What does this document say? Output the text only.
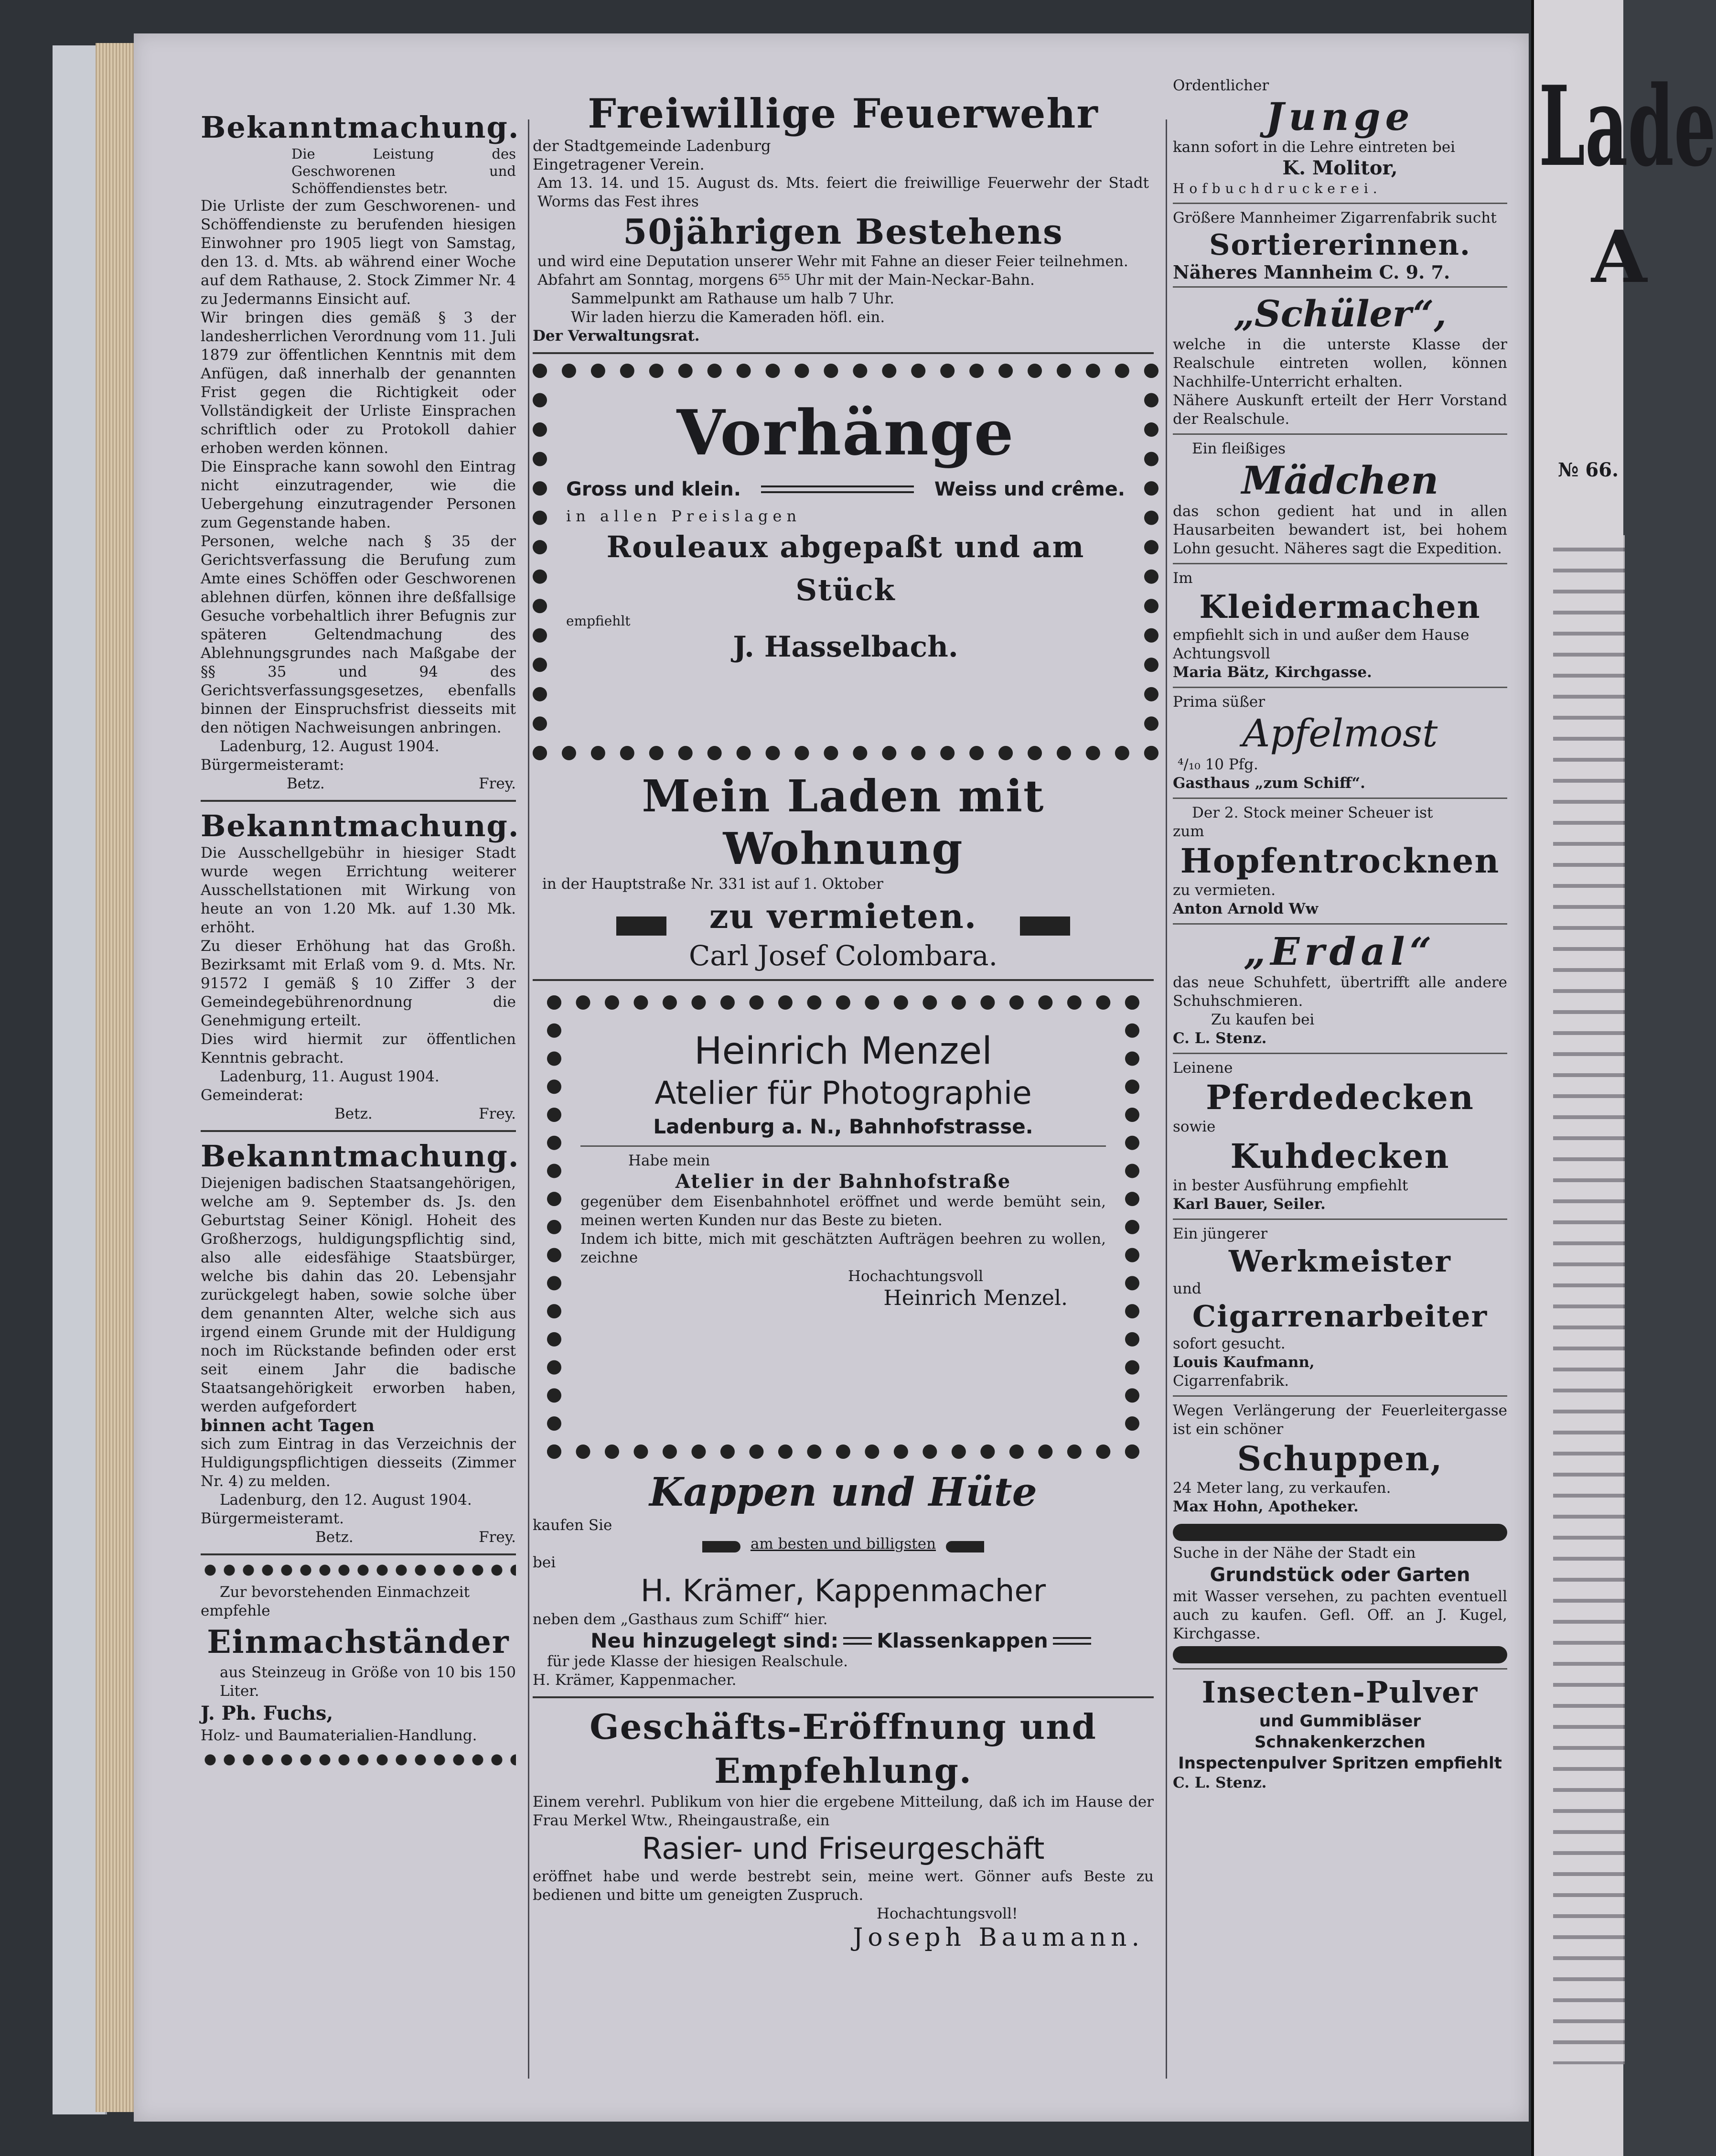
Bekanntmachung.
Die Leistung des Geschworenen und Schöffendienstes betr.
Die Urliste der zum Geschworenen- und Schöffendienste zu berufenden hiesigen Einwohner pro 1905 liegt von Samstag, den 13. d. Mts. ab während einer Woche auf dem Rathause, 2. Stock Zimmer Nr. 4 zu Jedermanns Einsicht auf.
Wir bringen dies gemäß § 3 der landesherrlichen Verordnung vom 11. Juli 1879 zur öffentlichen Kenntnis mit dem Anfügen, daß innerhalb der genannten Frist gegen die Richtigkeit oder Vollständigkeit der Urliste Einsprachen schriftlich oder zu Protokoll dahier erhoben werden können.
Die Einsprache kann sowohl den Eintrag nicht einzutragender, wie die Uebergehung einzutragender Personen zum Gegenstande haben.
Personen, welche nach § 35 der Gerichtsverfassung die Berufung zum Amte eines Schöffen oder Geschworenen ablehnen dürfen, können ihre deßfallsige Gesuche vorbehaltlich ihrer Befugnis zur späteren Geltendmachung des Ablehnungsgrundes nach Maßgabe der §§ 35 und 94 des Gerichtsverfassungsgesetzes, ebenfalls binnen der Einspruchsfrist diesseits mit den nötigen Nachweisungen anbringen.
Ladenburg, 12. August 1904.
Bürgermeisteramt:
Betz.	Frey.
Bekanntmachung.
Die Ausschellgebühr in hiesiger Stadt wurde wegen Errichtung weiterer Ausschellstationen mit Wirkung von heute an von 1.20 Mk. auf 1.30 Mk. erhöht.
Zu dieser Erhöhung hat das Großh. Bezirksamt mit Erlaß vom 9. d. Mts. Nr. 91572 I gemäß § 10 Ziffer 3 der Gemeindegebührenordnung die Genehmigung erteilt.
Dies wird hiermit zur öffentlichen Kenntnis gebracht.
Ladenburg, 11. August 1904.
Gemeinderat:
Betz.	Frey.
Bekanntmachung.
Diejenigen badischen Staatsangehörigen, welche am 9. September ds. Js. den Geburtstag Seiner Königl. Hoheit des Großherzogs, huldigungspflichtig sind, also alle eidesfähige Staatsbürger, welche bis dahin das 20. Lebensjahr zurückgelegt haben, sowie solche über dem genannten Alter, welche sich aus irgend einem Grunde mit der Huldigung noch im Rückstande befinden oder erst seit einem Jahr die badische Staatsangehörigkeit erworben haben, werden aufgefordert
binnen acht Tagen
sich zum Eintrag in das Verzeichnis der Huldigungspflichtigen diesseits (Zimmer Nr. 4) zu melden.
Ladenburg, den 12. August 1904.
Bürgermeisteramt.
Betz.	Frey.
Zur bevorstehenden Einmachzeit
empfehle
Einmachständer
aus Steinzeug in Größe von 10 bis 150 Liter.
J. Ph. Fuchs,
Holz- und Baumaterialien-Handlung.
Freiwillige Feuerwehr
der Stadtgemeinde Ladenburg
Eingetragener Verein.
Am 13. 14. und 15. August ds. Mts. feiert die freiwillige Feuerwehr der Stadt Worms das Fest ihres
50jährigen Bestehens
und wird eine Deputation unserer Wehr mit Fahne an dieser Feier teilnehmen.
Abfahrt am Sonntag, morgens 6⁵⁵ Uhr mit der Main-Neckar-Bahn.
Sammelpunkt am Rathause um halb 7 Uhr.
Wir laden hierzu die Kameraden höfl. ein.
Der Verwaltungsrat.
Vorhänge
Gross und klein.	Weiss und crême.
in allen Preislagen
Rouleaux abgepaßt und am Stück
empfiehlt
J. Hasselbach.
Mein Laden mit Wohnung
in der Hauptstraße Nr. 331 ist auf 1. Oktober
zu vermieten.
Carl Josef Colombara.
Heinrich Menzel
Atelier für Photographie
Ladenburg a. N., Bahnhofstrasse.
Habe mein
Atelier in der Bahnhofstraße
gegenüber dem Eisenbahnhotel eröffnet und werde bemüht sein, meinen werten Kunden nur das Beste zu bieten.
Indem ich bitte, mich mit geschätzten Aufträgen beehren zu wollen, zeichne
Hochachtungsvoll
Heinrich Menzel.
Kappen und Hüte
kaufen Sie
am besten und billigsten
bei
H. Krämer, Kappenmacher
neben dem „Gasthaus zum Schiff“ hier.
Neu hinzugelegt sind: Klassenkappen
für jede Klasse der hiesigen Realschule.
H. Krämer, Kappenmacher.
Geschäfts-Eröffnung und
Empfehlung.
Einem verehrl. Publikum von hier die ergebene Mitteilung, daß ich im Hause der Frau Merkel Wtw., Rheingaustraße, ein
Rasier- und Friseurgeschäft
eröffnet habe und werde bestrebt sein, meine wert. Gönner aufs Beste zu bedienen und bitte um geneigten Zuspruch.
Hochachtungsvoll!
Joseph Baumann.
Ordentlicher
Junge
kann sofort in die Lehre eintreten bei
K. Molitor,
Hofbuchdruckerei.
Größere Mannheimer Zigarrenfabrik sucht
Sortiererinnen.
Näheres Mannheim C. 9. 7.
„Schüler“,
welche in die unterste Klasse der Realschule eintreten wollen, können Nachhilfe-Unterricht erhalten.
Nähere Auskunft erteilt der Herr Vorstand der Realschule.
Ein fleißiges
Mädchen
das schon gedient hat und in allen Hausarbeiten bewandert ist, bei hohem Lohn gesucht. Näheres sagt die Expedition.
Im
Kleidermachen
empfiehlt sich in und außer dem Hause
Achtungsvoll
Maria Bätz, Kirchgasse.
Prima süßer
Apfelmost
⁴/₁₀ 10 Pfg.
Gasthaus „zum Schiff“.
Der 2. Stock meiner Scheuer ist
zum
Hopfentrocknen
zu vermieten.
Anton Arnold Ww
„Erdal“
das neue Schuhfett, übertrifft alle andere Schuhschmieren.
Zu kaufen bei
C. L. Stenz.
Leinene
Pferdedecken
sowie
Kuhdecken
in bester Ausführung empfiehlt
Karl Bauer, Seiler.
Ein jüngerer
Werkmeister
und
Cigarrenarbeiter
sofort gesucht.
Louis Kaufmann,
Cigarrenfabrik.
Wegen Verlängerung der Feuerleitergasse ist ein schöner
Schuppen,
24 Meter lang, zu verkaufen.
Max Hohn, Apotheker.
Suche in der Nähe der Stadt ein
Grundstück oder Garten
mit Wasser versehen, zu pachten eventuell auch zu kaufen. Gefl. Off. an J. Kugel, Kirchgasse.
Insecten-Pulver
und Gummibläser Schnakenkerzchen
Inspectenpulver Spritzen empfiehlt
C. L. Stenz.
Lade
A
№ 66.
